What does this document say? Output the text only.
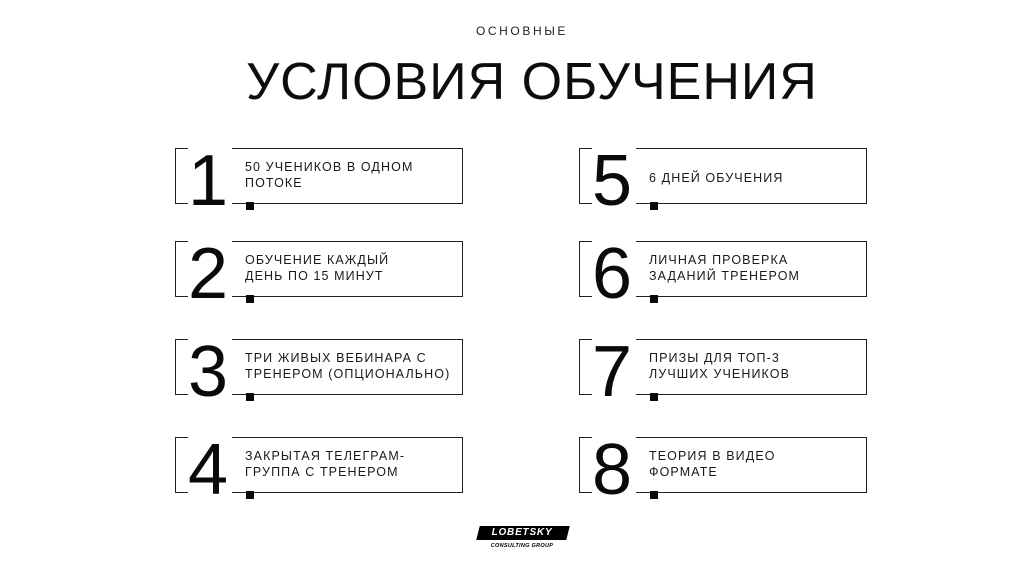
ОСНОВНЫЕ
УСЛОВИЯ ОБУЧЕНИЯ
1	50 УЧЕНИКОВ В ОДНОМ
ПОТОКЕ
2	ОБУЧЕНИЕ КАЖДЫЙ
ДЕНЬ ПО 15 МИНУТ
3	ТРИ ЖИВЫХ ВЕБИНАРА С
ТРЕНЕРОМ (ОПЦИОНАЛЬНО)
4	ЗАКРЫТАЯ ТЕЛЕГРАМ-
ГРУППА С ТРЕНЕРОМ
5	6 ДНЕЙ ОБУЧЕНИЯ
6	ЛИЧНАЯ ПРОВЕРКА
ЗАДАНИЙ ТРЕНЕРОМ
7	ПРИЗЫ ДЛЯ ТОП-3
ЛУЧШИХ УЧЕНИКОВ
8	ТЕОРИЯ В ВИДЕО
ФОРМАТЕ
LOBETSKY
CONSULTING GROUP
